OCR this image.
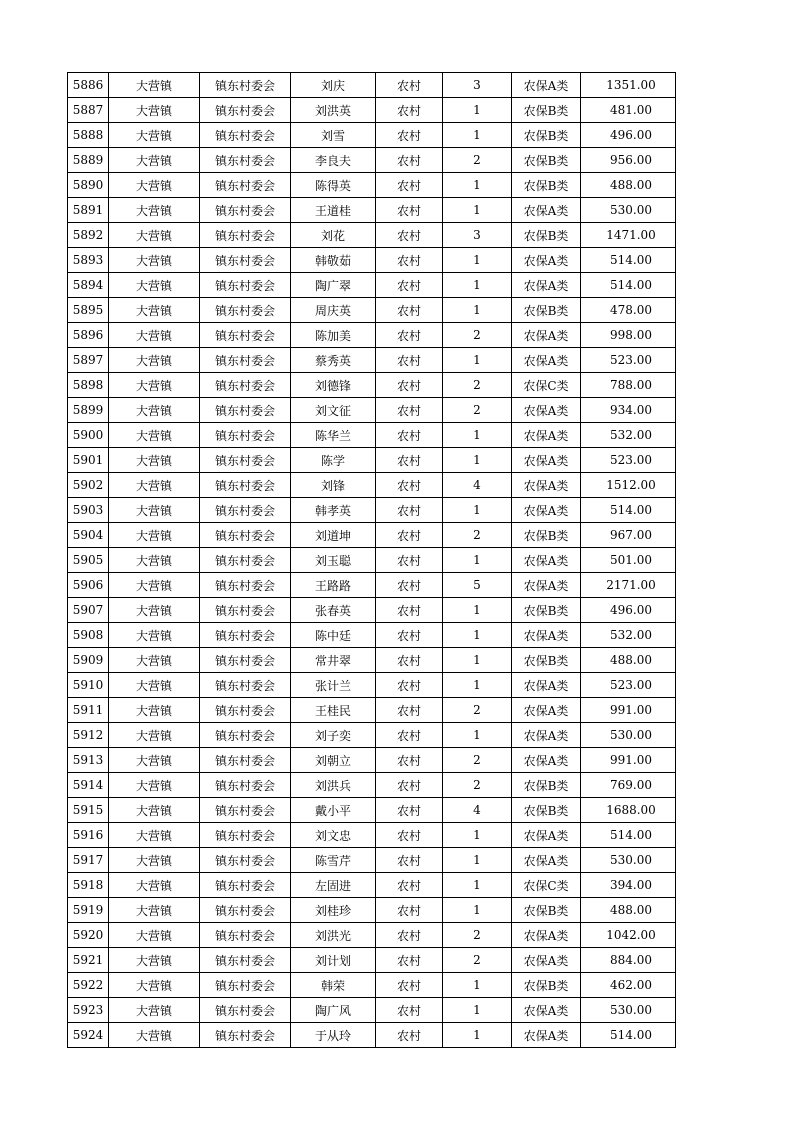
5886	大营镇	镇东村委会	刘庆	农村	3	农保A类	1351.00
5887	大营镇	镇东村委会	刘洪英	农村	1	农保B类	481.00
5888	大营镇	镇东村委会	刘雪	农村	1	农保B类	496.00
5889	大营镇	镇东村委会	李良夫	农村	2	农保B类	956.00
5890	大营镇	镇东村委会	陈得英	农村	1	农保B类	488.00
5891	大营镇	镇东村委会	王道桂	农村	1	农保A类	530.00
5892	大营镇	镇东村委会	刘花	农村	3	农保B类	1471.00
5893	大营镇	镇东村委会	韩敬茹	农村	1	农保A类	514.00
5894	大营镇	镇东村委会	陶广翠	农村	1	农保A类	514.00
5895	大营镇	镇东村委会	周庆英	农村	1	农保B类	478.00
5896	大营镇	镇东村委会	陈加美	农村	2	农保A类	998.00
5897	大营镇	镇东村委会	蔡秀英	农村	1	农保A类	523.00
5898	大营镇	镇东村委会	刘德锋	农村	2	农保C类	788.00
5899	大营镇	镇东村委会	刘文征	农村	2	农保A类	934.00
5900	大营镇	镇东村委会	陈华兰	农村	1	农保A类	532.00
5901	大营镇	镇东村委会	陈学	农村	1	农保A类	523.00
5902	大营镇	镇东村委会	刘锋	农村	4	农保A类	1512.00
5903	大营镇	镇东村委会	韩孝英	农村	1	农保A类	514.00
5904	大营镇	镇东村委会	刘道坤	农村	2	农保B类	967.00
5905	大营镇	镇东村委会	刘玉聪	农村	1	农保A类	501.00
5906	大营镇	镇东村委会	王路路	农村	5	农保A类	2171.00
5907	大营镇	镇东村委会	张春英	农村	1	农保B类	496.00
5908	大营镇	镇东村委会	陈中廷	农村	1	农保A类	532.00
5909	大营镇	镇东村委会	常井翠	农村	1	农保B类	488.00
5910	大营镇	镇东村委会	张计兰	农村	1	农保A类	523.00
5911	大营镇	镇东村委会	王桂民	农村	2	农保A类	991.00
5912	大营镇	镇东村委会	刘子奕	农村	1	农保A类	530.00
5913	大营镇	镇东村委会	刘朝立	农村	2	农保A类	991.00
5914	大营镇	镇东村委会	刘洪兵	农村	2	农保B类	769.00
5915	大营镇	镇东村委会	戴小平	农村	4	农保B类	1688.00
5916	大营镇	镇东村委会	刘文忠	农村	1	农保A类	514.00
5917	大营镇	镇东村委会	陈雪芹	农村	1	农保A类	530.00
5918	大营镇	镇东村委会	左固进	农村	1	农保C类	394.00
5919	大营镇	镇东村委会	刘桂珍	农村	1	农保B类	488.00
5920	大营镇	镇东村委会	刘洪光	农村	2	农保A类	1042.00
5921	大营镇	镇东村委会	刘计划	农村	2	农保A类	884.00
5922	大营镇	镇东村委会	韩荣	农村	1	农保B类	462.00
5923	大营镇	镇东村委会	陶广风	农村	1	农保A类	530.00
5924	大营镇	镇东村委会	于从玲	农村	1	农保A类	514.00
